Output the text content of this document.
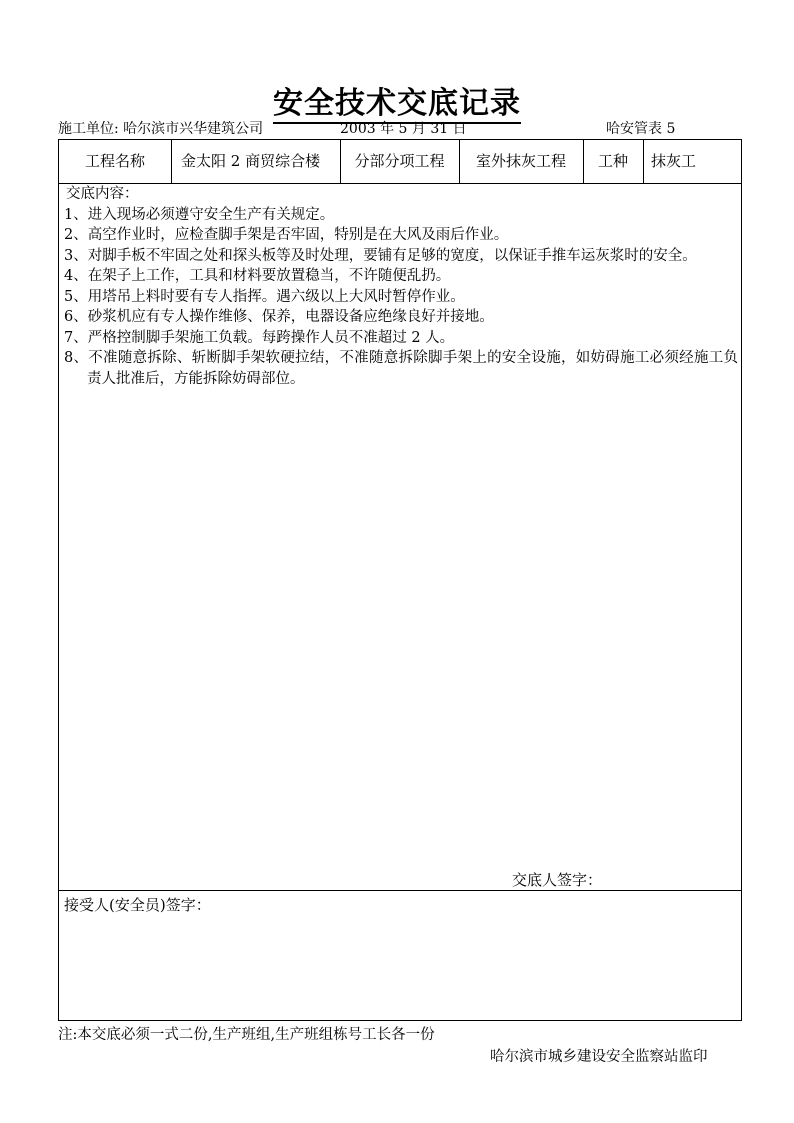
安全技术交底记录
施工单位: 哈尔滨市兴华建筑公司	2003 年 5 月 31 日	哈安管表 5
工程名称	金太阳 2 商贸综合楼	分部分项工程	室外抹灰工程	工种	抹灰工
交底内容：
1、进入现场必须遵守安全生产有关规定。
2、高空作业时，应检查脚手架是否牢固，特别是在大风及雨后作业。
3、对脚手板不牢固之处和探头板等及时处理，要铺有足够的宽度，以保证手推车运灰浆时的安全。
4、在架子上工作，工具和材料要放置稳当，不许随便乱扔。
5、用塔吊上料时要有专人指挥。遇六级以上大风时暂停作业。
6、砂浆机应有专人操作维修、保养，电器设备应绝缘良好并接地。
7、严格控制脚手架施工负载。每跨操作人员不准超过 2 人。
8、不准随意拆除、斩断脚手架软硬拉结，不准随意拆除脚手架上的安全设施，如妨碍施工必须经施工负责人批准后，方能拆除妨碍部位。
交底人签字：
接受人(安全员)签字：
注:本交底必须一式二份,生产班组,生产班组栋号工长各一份
哈尔滨市城乡建设安全监察站监印
